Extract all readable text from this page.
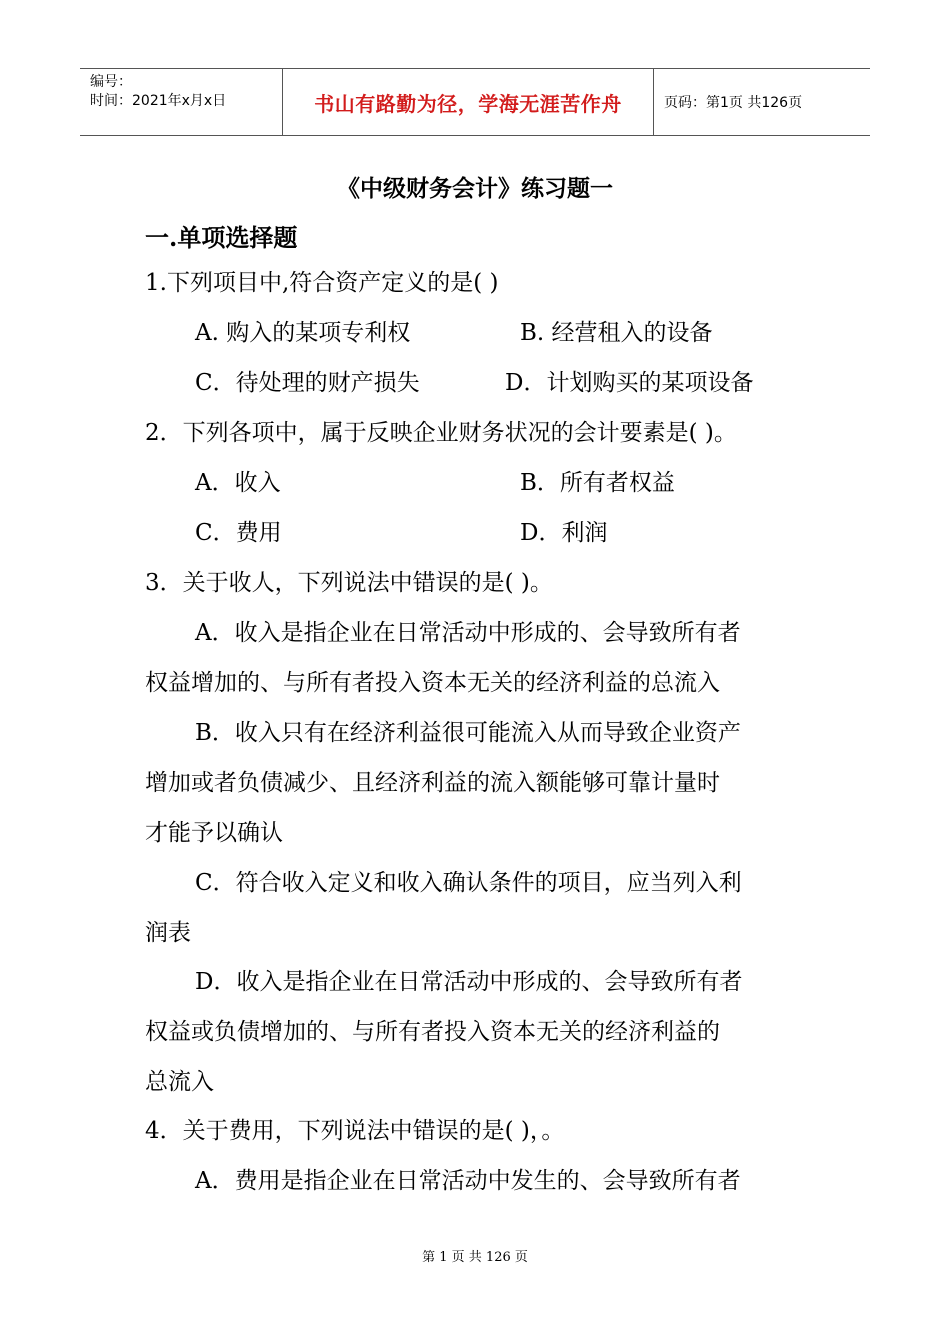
编号：
时间：2021年x月x日	书山有路勤为径，学海无涯苦作舟	页码：第1页 共126页
《中级财务会计》练习题一
一.单项选择题
1.下列项目中,符合资产定义的是( )
A. 购入的某项专利权	B. 经营租入的设备
C．待处理的财产损失	D．计划购买的某项设备
2．下列各项中，属于反映企业财务状况的会计要素是( )。
A．收入	B．所有者权益
C．费用	D．利润
3．关于收人，下列说法中错误的是( )。
A．收入是指企业在日常活动中形成的、会导致所有者
权益增加的、与所有者投入资本无关的经济利益的总流入
B．收入只有在经济利益很可能流入从而导致企业资产
增加或者负债减少、且经济利益的流入额能够可靠计量时
才能予以确认
C．符合收入定义和收入确认条件的项目，应当列入利
润表
D．收入是指企业在日常活动中形成的、会导致所有者
权益或负债增加的、与所有者投入资本无关的经济利益的
总流入
4．关于费用，下列说法中错误的是( )，。
A．费用是指企业在日常活动中发生的、会导致所有者
第 1 页 共 126 页
